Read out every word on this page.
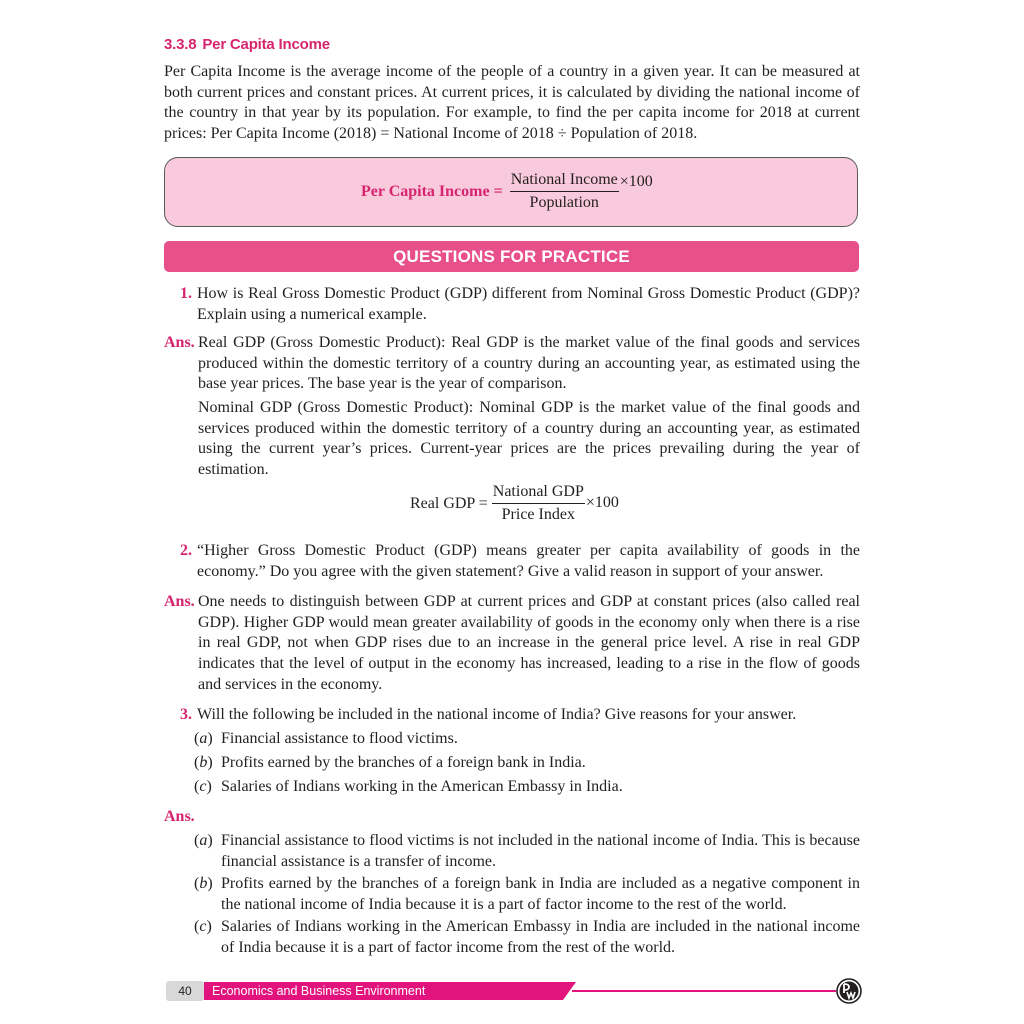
3.3.8 Per Capita Income
Per Capita Income is the average income of the people of a country in a given year. It can be measured at both current prices and constant prices. At current prices, it is calculated by dividing the national income of the country in that year by its population. For example, to find the per capita income for 2018 at current prices: Per Capita Income (2018) = National Income of 2018 ÷ Population of 2018.
Per Capita Income = $\frac{\text{National Income}}{\text{Population}} \times 100$
QUESTIONS FOR PRACTICE
1. How is Real Gross Domestic Product (GDP) different from Nominal Gross Domestic Product (GDP)? Explain using a numerical example.
Ans. Real GDP (Gross Domestic Product): Real GDP is the market value of the final goods and services produced within the domestic territory of a country during an accounting year, as estimated using the base year prices. The base year is the year of comparison.
Nominal GDP (Gross Domestic Product): Nominal GDP is the market value of the final goods and services produced within the domestic territory of a country during an accounting year, as estimated using the current year’s prices. Current-year prices are the prices prevailing during the year of estimation.
Real GDP = $\frac{\text{National GDP}}{\text{Price Index}} \times 100$
2. “Higher Gross Domestic Product (GDP) means greater per capita availability of goods in the economy.” Do you agree with the given statement? Give a valid reason in support of your answer.
Ans. One needs to distinguish between GDP at current prices and GDP at constant prices (also called real GDP). Higher GDP would mean greater availability of goods in the economy only when there is a rise in real GDP, not when GDP rises due to an increase in the general price level. A rise in real GDP indicates that the level of output in the economy has increased, leading to a rise in the flow of goods and services in the economy.
3. Will the following be included in the national income of India? Give reasons for your answer.
(a) Financial assistance to flood victims.
(b) Profits earned by the branches of a foreign bank in India.
(c) Salaries of Indians working in the American Embassy in India.
Ans.
(a) Financial assistance to flood victims is not included in the national income of India. This is because financial assistance is a transfer of income.
(b) Profits earned by the branches of a foreign bank in India are included as a negative component in the national income of India because it is a part of factor income to the rest of the world.
(c) Salaries of Indians working in the American Embassy in India are included in the national income of India because it is a part of factor income from the rest of the world.
40	Economics and Business Environment
